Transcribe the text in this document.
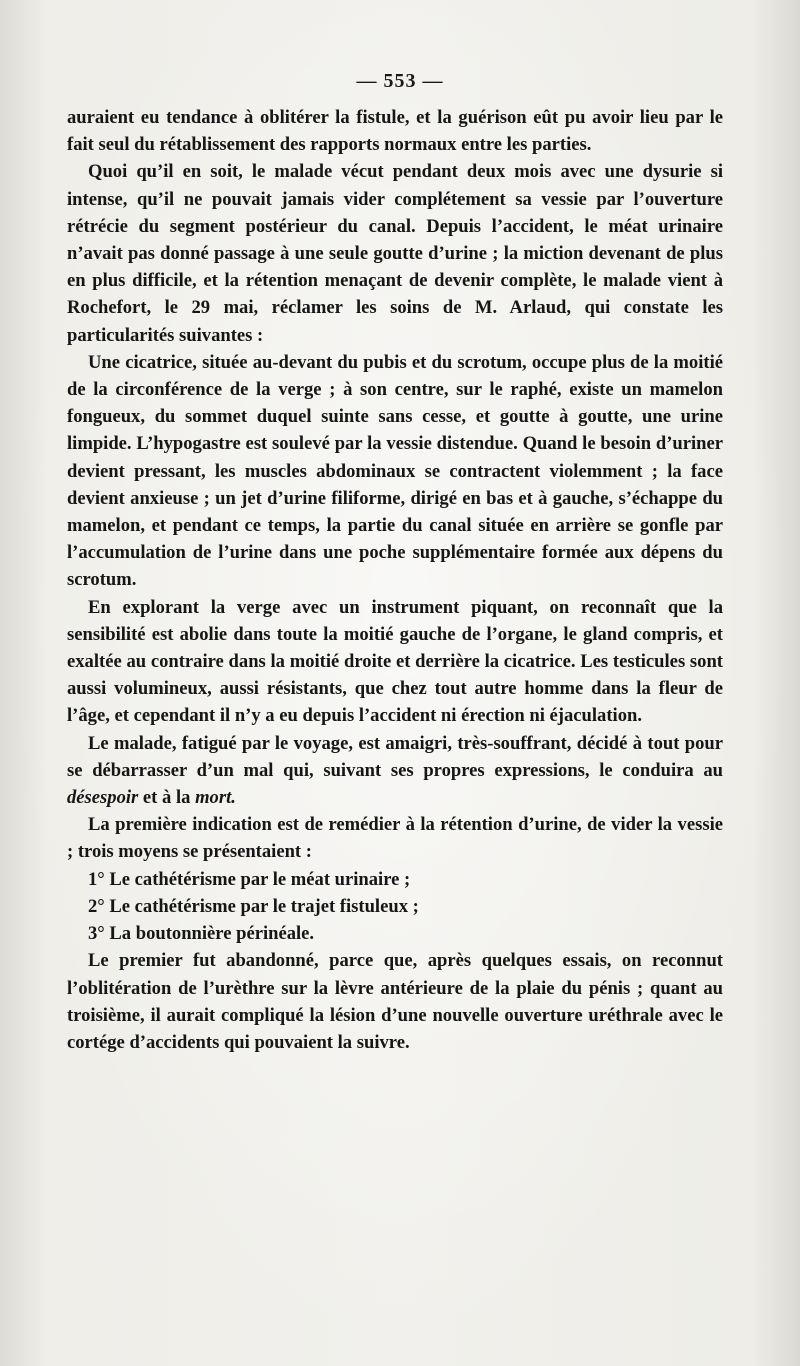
— 553 —

auraient eu tendance à oblitérer la fistule, et la guérison eût pu avoir lieu par le fait seul du rétablissement des rapports normaux entre les parties.

Quoi qu’il en soit, le malade vécut pendant deux mois avec une dysurie si intense, qu’il ne pouvait jamais vider complétement sa vessie par l’ouverture rétrécie du segment postérieur du canal. Depuis l’accident, le méat urinaire n’avait pas donné passage à une seule goutte d’urine ; la miction devenant de plus en plus difficile, et la rétention menaçant de devenir complète, le malade vient à Rochefort, le 29 mai, réclamer les soins de M. Arlaud, qui constate les particularités suivantes :

Une cicatrice, située au-devant du pubis et du scrotum, occupe plus de la moitié de la circonférence de la verge ; à son centre, sur le raphé, existe un mamelon fongueux, du sommet duquel suinte sans cesse, et goutte à goutte, une urine limpide. L’hypogastre est soulevé par la vessie distendue. Quand le besoin d’uriner devient pressant, les muscles abdominaux se contractent violemment ; la face devient anxieuse ; un jet d’urine filiforme, dirigé en bas et à gauche, s’échappe du mamelon, et pendant ce temps, la partie du canal située en arrière se gonfle par l’accumulation de l’urine dans une poche supplémentaire formée aux dépens du scrotum.

En explorant la verge avec un instrument piquant, on reconnaît que la sensibilité est abolie dans toute la moitié gauche de l’organe, le gland compris, et exaltée au contraire dans la moitié droite et derrière la cicatrice. Les testicules sont aussi volumineux, aussi résistants, que chez tout autre homme dans la fleur de l’âge, et cependant il n’y a eu depuis l’accident ni érection ni éjaculation.

Le malade, fatigué par le voyage, est amaigri, très-souffrant, décidé à tout pour se débarrasser d’un mal qui, suivant ses propres expressions, le conduira au désespoir et à la mort.

La première indication est de remédier à la rétention d’urine, de vider la vessie ; trois moyens se présentaient :

1° Le cathétérisme par le méat urinaire ;

2° Le cathétérisme par le trajet fistuleux ;

3° La boutonnière périnéale.

Le premier fut abandonné, parce que, après quelques essais, on reconnut l’oblitération de l’urèthre sur la lèvre antérieure de la plaie du pénis ; quant au troisième, il aurait compliqué la lésion d’une nouvelle ouverture uréthrale avec le cortége d’accidents qui pouvaient la suivre.
